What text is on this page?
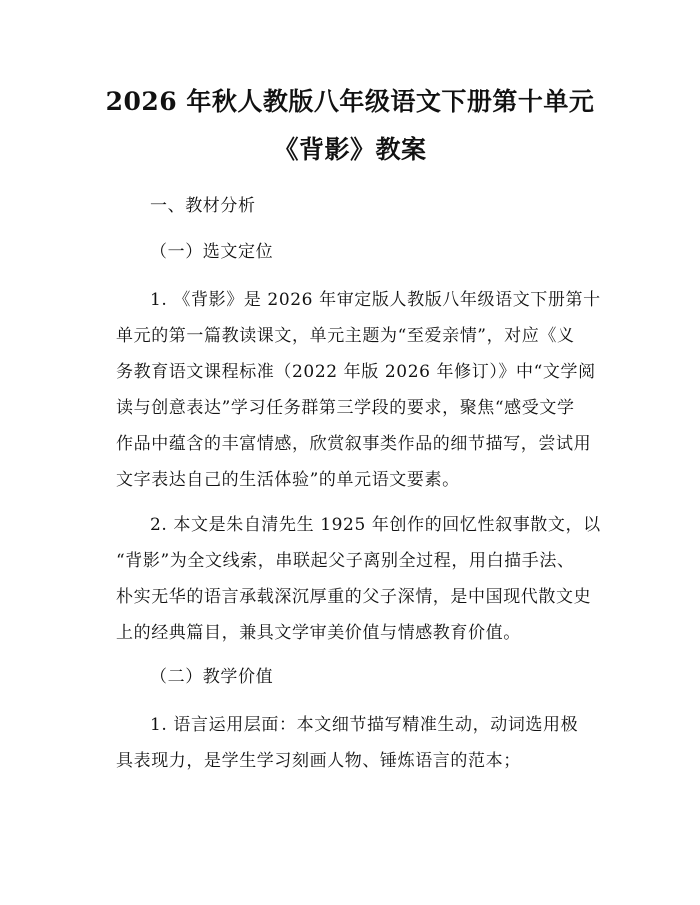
2026 年秋人教版八年级语文下册第十单元
《背影》教案
一、教材分析
（一）选文定位
1. 《背影》是 2026 年审定版人教版八年级语文下册第十
单元的第一篇教读课文，单元主题为“至爱亲情”，对应《义
务教育语文课程标准（2022 年版 2026 年修订）》中“文学阅
读与创意表达”学习任务群第三学段的要求，聚焦“感受文学
作品中蕴含的丰富情感，欣赏叙事类作品的细节描写，尝试用
文字表达自己的生活体验”的单元语文要素。
2. 本文是朱自清先生 1925 年创作的回忆性叙事散文，以
“背影”为全文线索，串联起父子离别全过程，用白描手法、
朴实无华的语言承载深沉厚重的父子深情，是中国现代散文史
上的经典篇目，兼具文学审美价值与情感教育价值。
（二）教学价值
1. 语言运用层面：本文细节描写精准生动，动词选用极
具表现力，是学生学习刻画人物、锤炼语言的范本；
